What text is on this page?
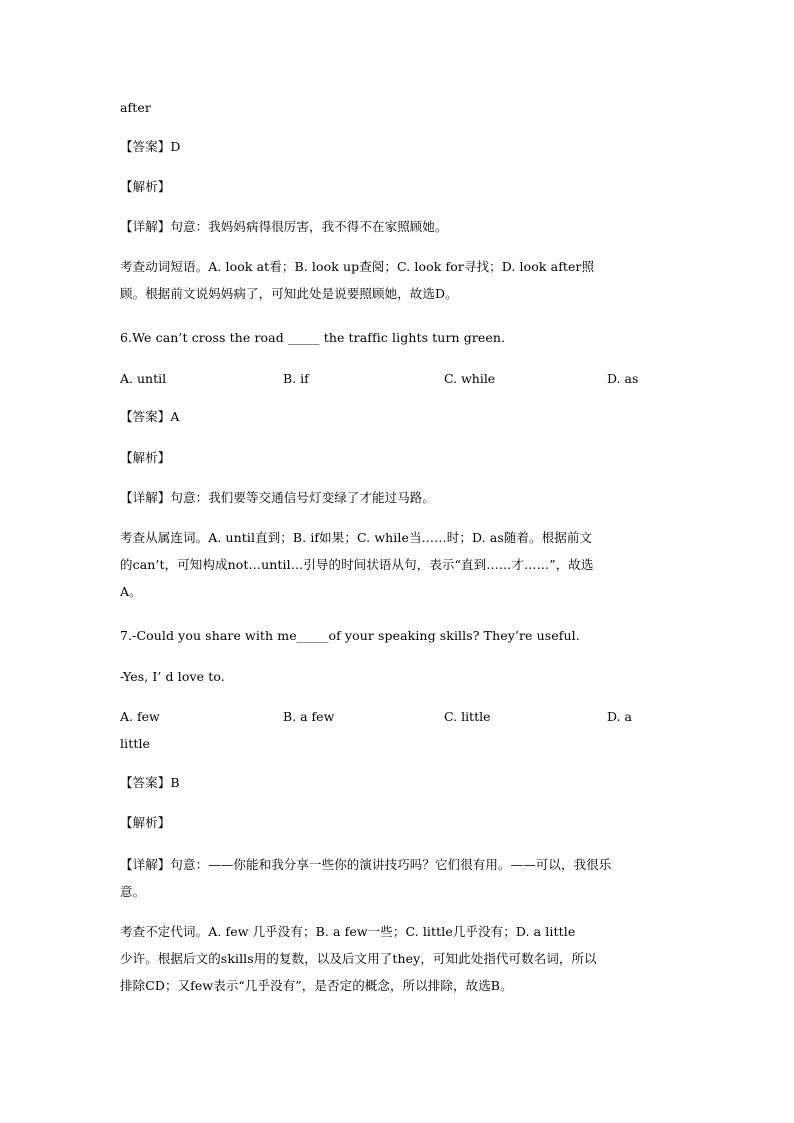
after
【答案】D
【解析】
【详解】句意：我妈妈病得很厉害，我不得不在家照顾她。
考查动词短语。A. look at看；B. look up查阅；C. look for寻找；D. look after照
顾。根据前文说妈妈病了，可知此处是说要照顾她，故选D。
6.We can’t cross the road _____ the traffic lights turn green.
A. until	B. if	C. while	D. as
【答案】A
【解析】
【详解】句意：我们要等交通信号灯变绿了才能过马路。
考查从属连词。A. until直到；B. if如果；C. while当……时；D. as随着。根据前文
的can’t，可知构成not…until…引导的时间状语从句，表示“直到……才……”，故选
A。
7.-Could you share with me_____of your speaking skills? They’re useful.
-Yes, I’ d love to.
A. few	B. a few	C. little	D. a
little
【答案】B
【解析】
【详解】句意：——你能和我分享一些你的演讲技巧吗？它们很有用。——可以，我很乐
意。
考查不定代词。A. few 几乎没有；B. a few一些；C. little几乎没有；D. a little
少许。根据后文的skills用的复数，以及后文用了they，可知此处指代可数名词，所以
排除CD；又few表示“几乎没有”，是否定的概念，所以排除，故选B。
